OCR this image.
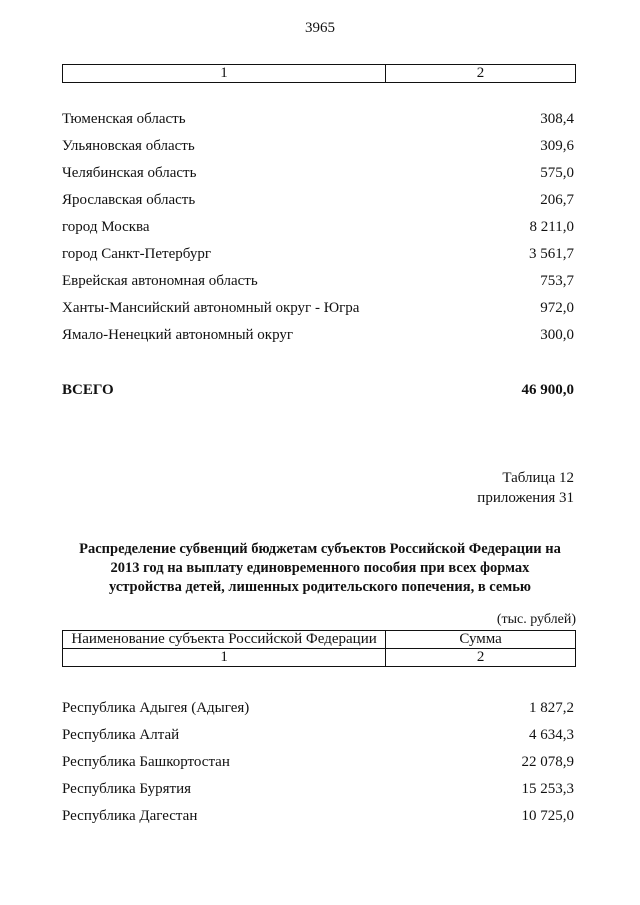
3965
1	2
Тюменская область	308,4
Ульяновская область	309,6
Челябинская область	575,0
Ярославская область	206,7
город Москва	8 211,0
город Санкт-Петербург	3 561,7
Еврейская автономная область	753,7
Ханты-Мансийский автономный округ - Югра	972,0
Ямало-Ненецкий автономный округ	300,0
ВСЕГО	46 900,0
Таблица 12
приложения 31
Распределение субвенций бюджетам субъектов Российской Федерации на
2013 год на выплату единовременного пособия при всех формах
устройства детей, лишенных родительского попечения, в семью
(тыс. рублей)
Наименование субъекта Российской Федерации	Сумма
1	2
Республика Адыгея (Адыгея)	1 827,2
Республика Алтай	4 634,3
Республика Башкортостан	22 078,9
Республика Бурятия	15 253,3
Республика Дагестан	10 725,0
